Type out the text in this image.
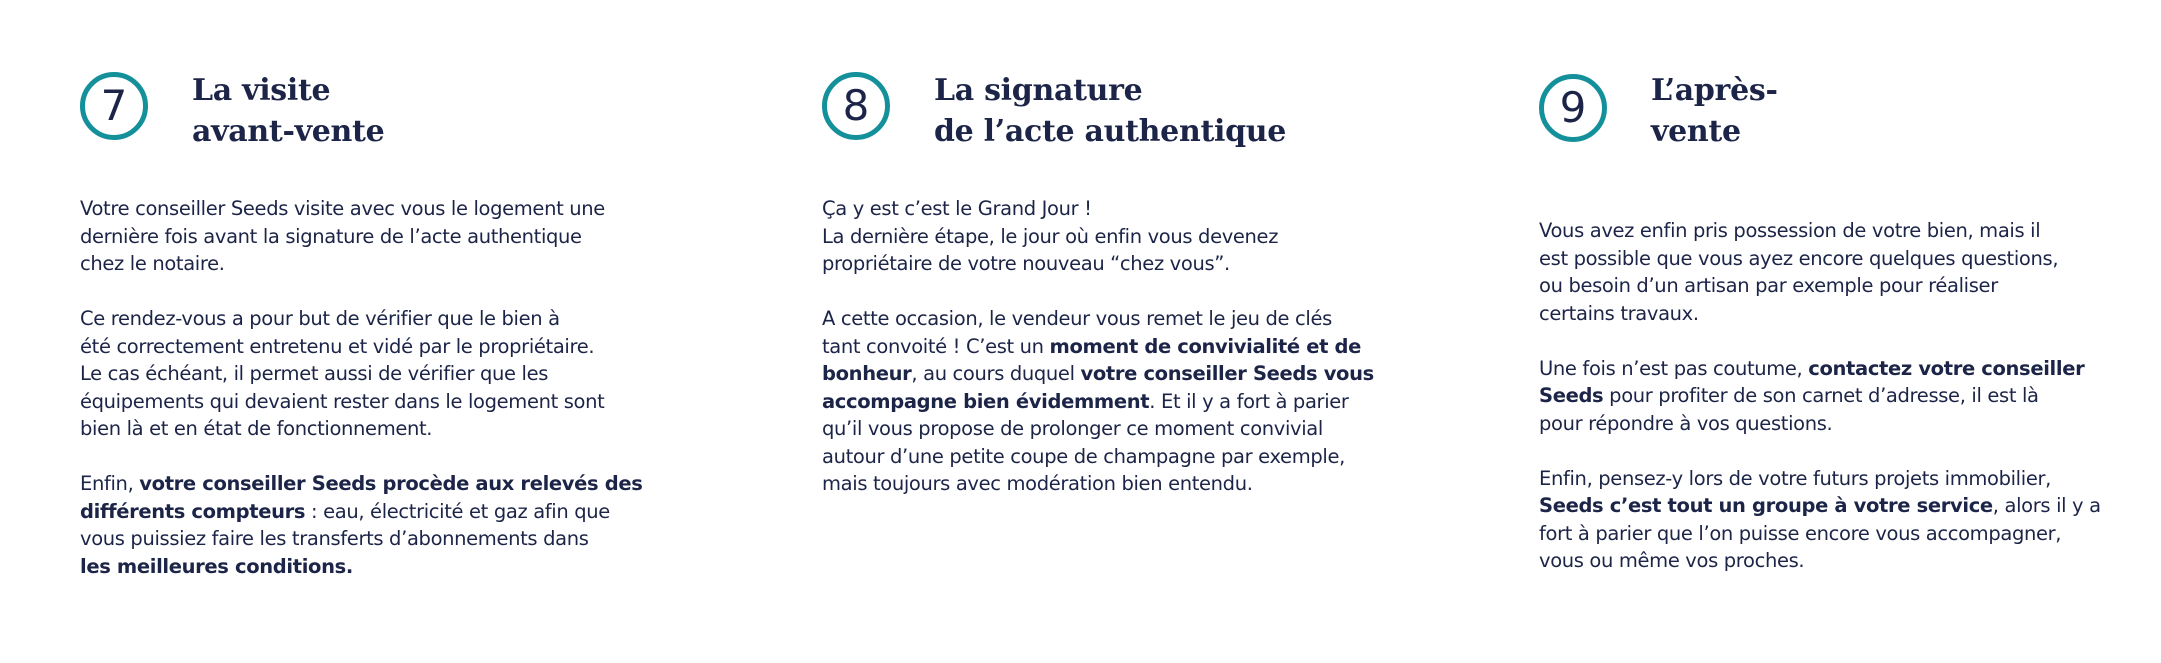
7	La visite
avant-vente

Votre conseiller Seeds visite avec vous le logement une
dernière fois avant la signature de l’acte authentique
chez le notaire.

Ce rendez-vous a pour but de vérifier que le bien à
été correctement entretenu et vidé par le propriétaire.
Le cas échéant, il permet aussi de vérifier que les
équipements qui devaient rester dans le logement sont
bien là et en état de fonctionnement.

Enfin, votre conseiller Seeds procède aux relevés des
différents compteurs : eau, électricité et gaz afin que
vous puissiez faire les transferts d’abonnements dans
les meilleures conditions.

8	La signature
de l’acte authentique

Ça y est c’est le Grand Jour !
La dernière étape, le jour où enfin vous devenez
propriétaire de votre nouveau “chez vous”.

A cette occasion, le vendeur vous remet le jeu de clés
tant convoité ! C’est un moment de convivialité et de
bonheur, au cours duquel votre conseiller Seeds vous
accompagne bien évidemment. Et il y a fort à parier
qu’il vous propose de prolonger ce moment convivial
autour d’une petite coupe de champagne par exemple,
mais toujours avec modération bien entendu.

9	L’après-
vente

Vous avez enfin pris possession de votre bien, mais il
est possible que vous ayez encore quelques questions,
ou besoin d’un artisan par exemple pour réaliser
certains travaux.

Une fois n’est pas coutume, contactez votre conseiller
Seeds pour profiter de son carnet d’adresse, il est là
pour répondre à vos questions.

Enfin, pensez-y lors de votre futurs projets immobilier,
Seeds c’est tout un groupe à votre service, alors il y a
fort à parier que l’on puisse encore vous accompagner,
vous ou même vos proches.
